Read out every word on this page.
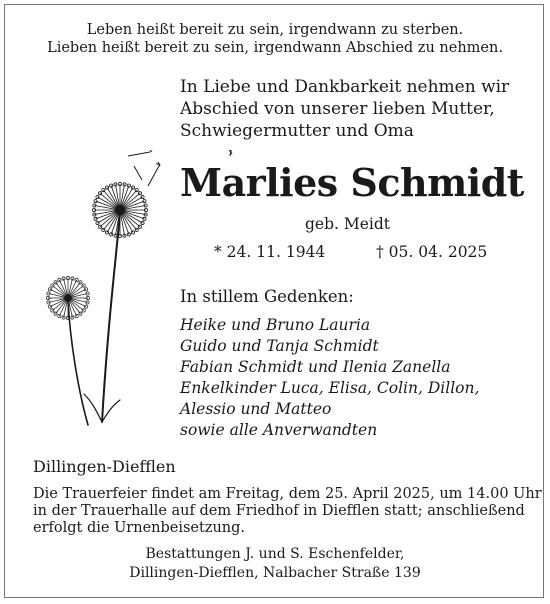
Leben heißt bereit zu sein, irgendwann zu sterben.
Lieben heißt bereit zu sein, irgendwann Abschied zu nehmen.
In Liebe und Dankbarkeit nehmen wir
Abschied von unserer lieben Mutter,
Schwiegermutter und Oma
Marlies Schmidt
geb. Meidt
* 24. 11. 1944	† 05. 04. 2025
In stillem Gedenken:
Heike und Bruno Lauria
Guido und Tanja Schmidt
Fabian Schmidt und Ilenia Zanella
Enkelkinder Luca, Elisa, Colin, Dillon,
Alessio und Matteo
sowie alle Anverwandten
Dillingen-Diefflen
Die Trauerfeier findet am Freitag, dem 25. April 2025, um 14.00 Uhr
in der Trauerhalle auf dem Friedhof in Diefflen statt; anschließend
erfolgt die Urnenbeisetzung.
Bestattungen J. und S. Eschenfelder,
Dillingen-Diefflen, Nalbacher Straße 139
